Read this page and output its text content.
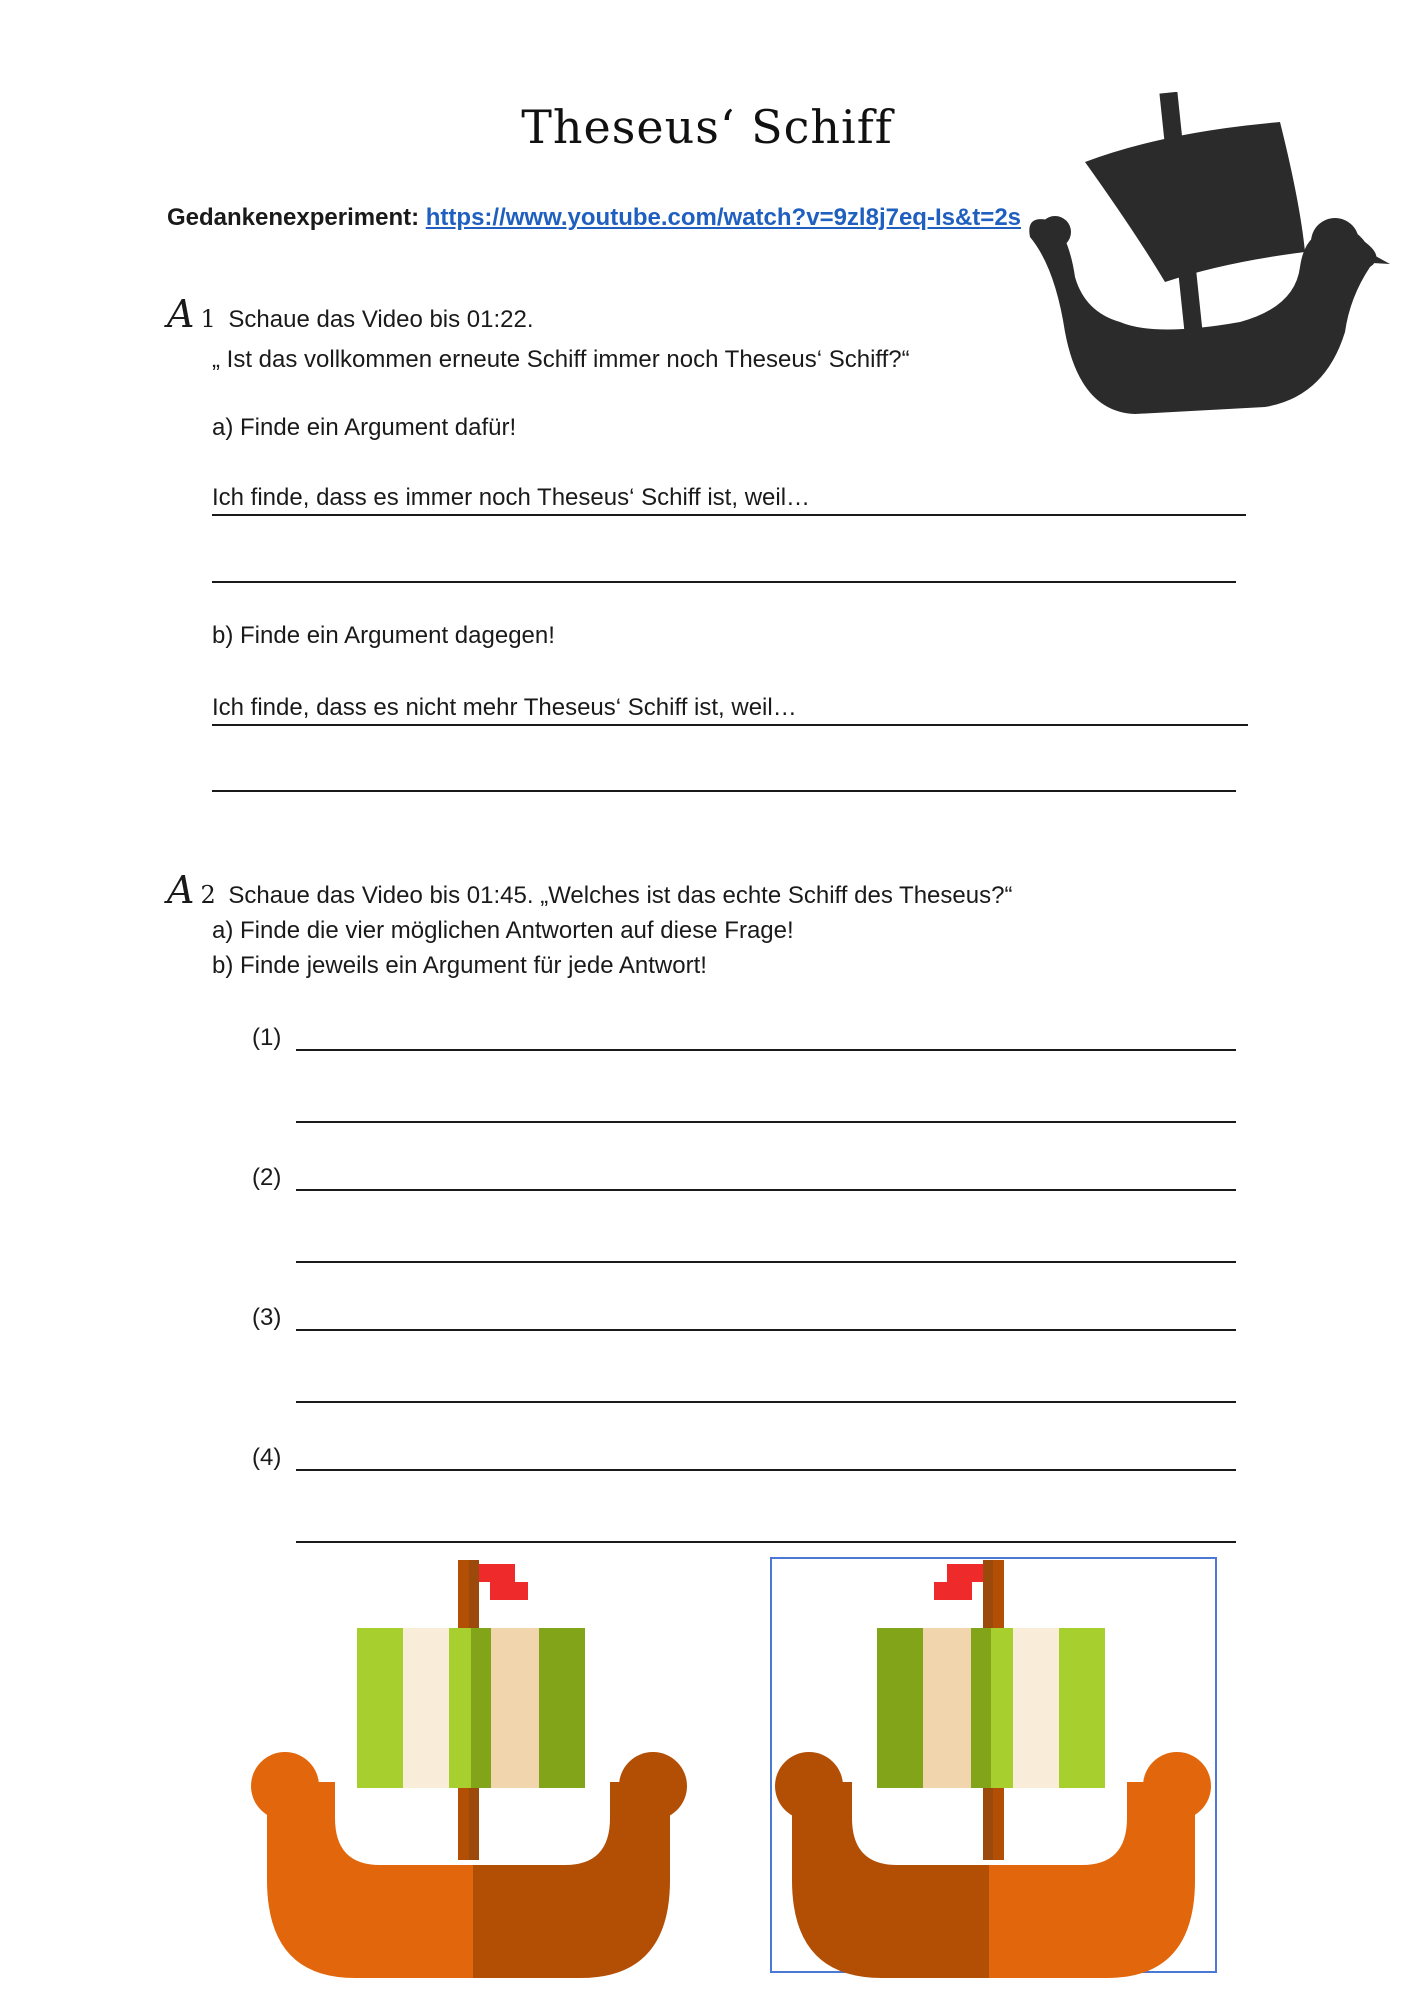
Theseus‘ Schiff
Gedankenexperiment: https://www.youtube.com/watch?v=9zl8j7eq-Is&t=2s
A 1 Schaue das Video bis 01:22.
„ Ist das vollkommen erneute Schiff immer noch Theseus‘ Schiff?“
a) Finde ein Argument dafür!
Ich finde, dass es immer noch Theseus‘ Schiff ist, weil…
b) Finde ein Argument dagegen!
Ich finde, dass es nicht mehr Theseus‘ Schiff ist, weil…
A 2 Schaue das Video bis 01:45. „Welches ist das echte Schiff des Theseus?“
a) Finde die vier möglichen Antworten auf diese Frage!
b) Finde jeweils ein Argument für jede Antwort!
(1)
(2)
(3)
(4)
